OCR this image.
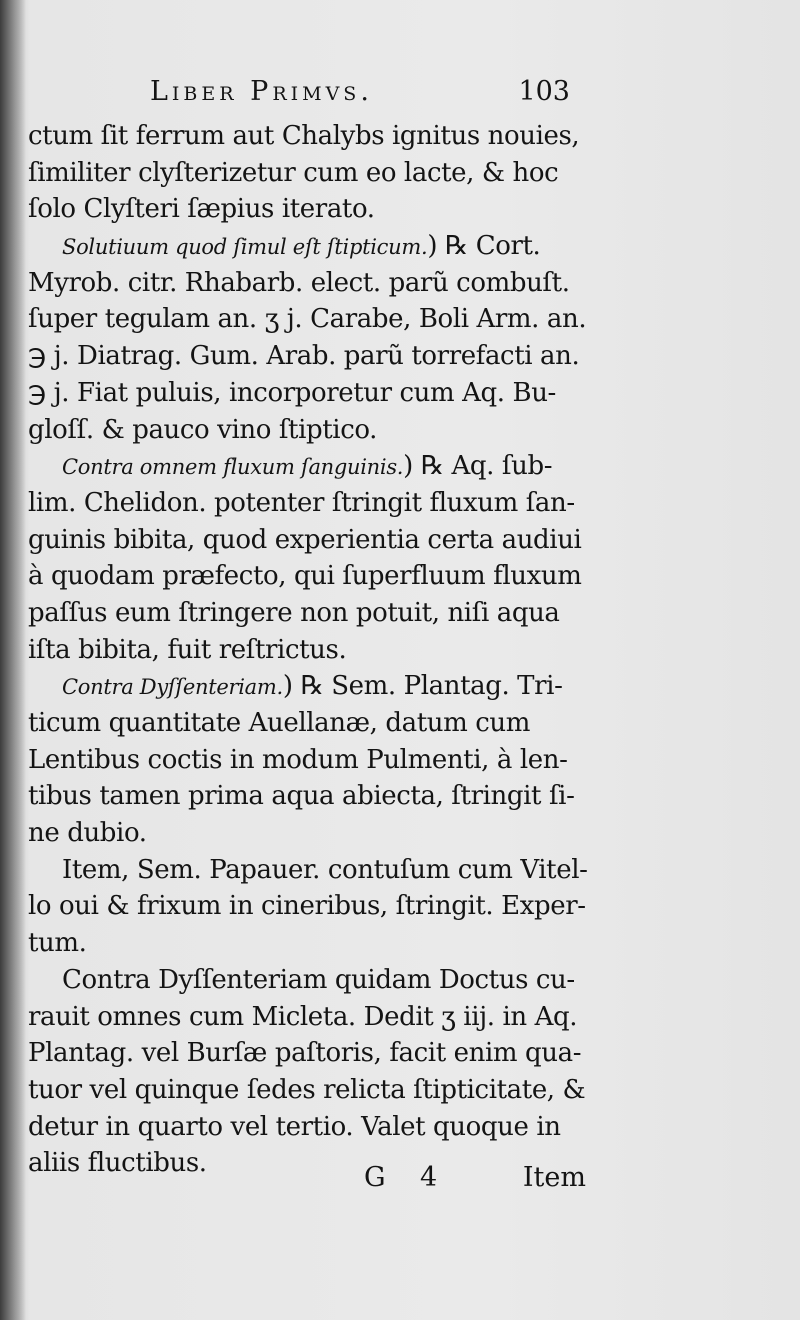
Liber Primvs.	103
ctum ſit ferrum aut Chalybs ignitus nouies,
ſimiliter clyſterizetur cum eo lacte, & hoc
ſolo Clyſteri ſæpius iterato.
Solutiuum quod ſimul eſt ſtipticum.) ℞ Cort.
Myrob. citr. Rhabarb. elect. parũ combuſt.
ſuper tegulam an. ʒ j. Carabe, Boli Arm. an.
℈ j. Diatrag. Gum. Arab. parũ torrefacti an.
℈ j. Fiat puluis, incorporetur cum Aq. Bu-
gloſſ. & pauco vino ſtiptico.
Contra omnem fluxum ſanguinis.) ℞ Aq. ſub-
lim. Chelidon. potenter ſtringit fluxum ſan-
guinis bibita, quod experientia certa audiui
à quodam præfecto, qui ſuperfluum fluxum
paſſus eum ſtringere non potuit, niſi aqua
iſta bibita, fuit reſtrictus.
Contra Dyſſenteriam.) ℞ Sem. Plantag. Tri-
ticum quantitate Auellanæ, datum cum
Lentibus coctis in modum Pulmenti, à len-
tibus tamen prima aqua abiecta, ſtringit ſi-
ne dubio.
Item, Sem. Papauer. contuſum cum Vitel-
lo oui & frixum in cineribus, ſtringit. Exper-
tum.
Contra Dyſſenteriam quidam Doctus cu-
rauit omnes cum Micleta. Dedit ʒ iij. in Aq.
Plantag. vel Burſæ paſtoris, facit enim qua-
tuor vel quinque ſedes relicta ſtipticitate, &
detur in quarto vel tertio. Valet quoque in
aliis fluctibus.	G 4	Item
